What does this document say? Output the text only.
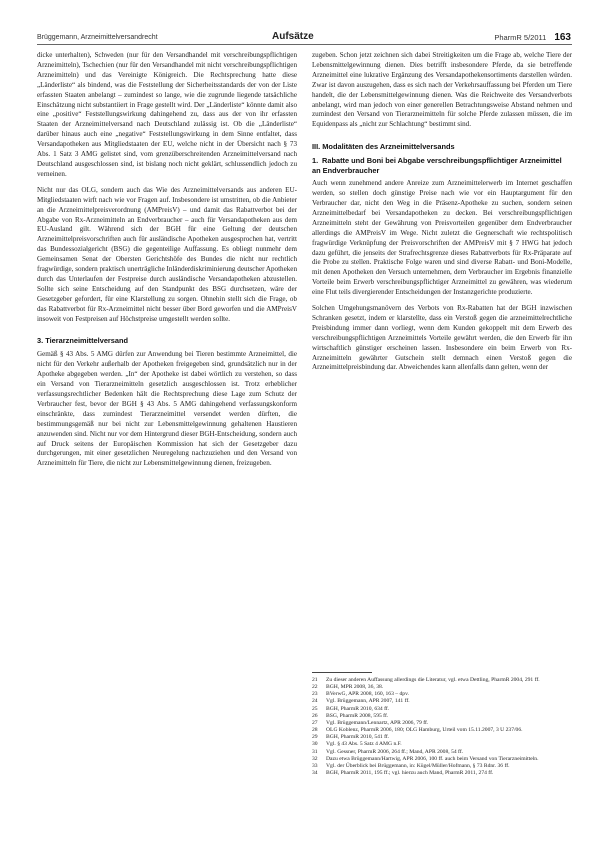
Brüggemann, Arzneimittelversandrecht	Aufsätze	PharmR 5/2011 163

dicke unterhalten), Schweden (nur für den Versandhandel mit verschreibungspflichtigen Arzneimitteln), Tschechien (nur für den Versandhandel mit nicht verschreibungspflichtigen Arzneimitteln) und das Vereinigte Königreich. Die Rechtsprechung hatte diese „Länderliste“ als bindend, was die Feststellung der Sicherheitsstandards der von der Liste erfassten Staaten anbelangt – zumindest so lange, wie die zugrunde liegende tatsächliche Einschätzung nicht substantiiert in Frage gestellt wird. Der „Länderliste“ könnte damit also eine „positive“ Feststellungswirkung dahingehend zu, dass aus der von ihr erfassten Staaten der Arzneimittelversand nach Deutschland zulässig ist. Ob die „Länderliste“ darüber hinaus auch eine „negative“ Feststellungswirkung in dem Sinne entfaltet, dass Versandapotheken aus Mitgliedstaaten der EU, welche nicht in der Übersicht nach § 73 Abs. 1 Satz 3 AMG gelistet sind, vom grenzüberschreitenden Arzneimittelversand nach Deutschland ausgeschlossen sind, ist bislang noch nicht geklärt, schlussendlich jedoch zu verneinen.

Nicht nur das OLG, sondern auch das Wie des Arzneimittelversands aus anderen EU-Mitgliedstaaten wirft nach wie vor Fragen auf. Insbesondere ist umstritten, ob die Anbieter an die Arzneimittelpreisverordnung (AMPreisV) – und damit das Rabattverbot bei der Abgabe von Rx-Arzneimitteln an Endverbraucher – auch für Versandapotheken aus dem EU-Ausland gilt. Während sich der BGH für eine Geltung der deutschen Arzneimittelpreisvorschriften auch für ausländische Apotheken ausgesprochen hat, vertritt das Bundessozialgericht (BSG) die gegenteilige Auffassung. Es obliegt nunmehr dem Gemeinsamen Senat der Obersten Gerichtshöfe des Bundes die nicht nur rechtlich fragwürdige, sondern praktisch unerträgliche Inländerdiskriminierung deutscher Apotheken durch das Unterlaufen der Festpreise durch ausländische Versandapotheken abzustellen. Sollte sich seine Entscheidung auf den Standpunkt des BSG durchsetzen, wäre der Gesetzgeber gefordert, für eine Klarstellung zu sorgen. Ohnehin stellt sich die Frage, ob das Rabattverbot für Rx-Arzneimittel nicht besser über Bord geworfen und die AMPreisV insoweit von Festpreisen auf Höchstpreise umgestellt werden sollte.

3. Tierarzneimittelversand

Gemäß § 43 Abs. 5 AMG dürfen zur Anwendung bei Tieren bestimmte Arzneimittel, die nicht für den Verkehr außerhalb der Apotheken freigegeben sind, grundsätzlich nur in der Apotheke abgegeben werden. „In“ der Apotheke ist dabei wörtlich zu verstehen, so dass ein Versand von Tierarzneimitteln gesetzlich ausgeschlossen ist. Trotz erheblicher verfassungsrechtlicher Bedenken hält die Rechtsprechung diese Lage zum Schutz der Verbraucher fest, bevor der BGH § 43 Abs. 5 AMG dahingehend verfassungskonform einschränkte, dass zumindest Tierarzneimittel versendet werden dürften, die bestimmungsgemäß nur bei nicht zur Lebensmittelgewinnung gehaltenen Haustieren anzuwenden sind. Nicht nur vor dem Hintergrund dieser BGH-Entscheidung, sondern auch auf Druck seitens der Europäischen Kommission hat sich der Gesetzgeber dazu durchgerungen, mit einer gesetzlichen Neuregelung nachzuziehen und den Versand von Arzneimitteln für Tiere, die nicht zur Lebensmittelgewinnung dienen, freizugeben.

zugeben. Schon jetzt zeichnen sich dabei Streitigkeiten um die Frage ab, welche Tiere der Lebensmittelgewinnung dienen. Dies betrifft insbesondere Pferde, da sie betreffende Arzneimittel eine lukrative Ergänzung des Versandapothekensortiments darstellen würden. Zwar ist davon auszugehen, dass es sich nach der Verkehrsauffassung bei Pferden um Tiere handelt, die der Lebensmittelgewinnung dienen. Was die Reichweite des Versandverbots anbelangt, wird man jedoch von einer generellen Betrachtungsweise Abstand nehmen und zumindest den Versand von Tierarzneimitteln für solche Pferde zulassen müssen, die im Equidenpass als „nicht zur Schlachtung“ bestimmt sind.

III. Modalitäten des Arzneimittelversands
1. Rabatte und Boni bei Abgabe verschreibungspflichtiger Arzneimittel an Endverbraucher

Auch wenn zunehmend andere Anreize zum Arzneimittelerwerb im Internet geschaffen werden, so stellen doch günstige Preise nach wie vor ein Hauptargument für den Verbraucher dar, nicht den Weg in die Präsenz-Apotheke zu suchen, sondern seinen Arzneimittelbedarf bei Versandapotheken zu decken. Bei verschreibungspflichtigen Arzneimitteln steht der Gewährung von Preisvorteilen gegenüber dem Endverbraucher allerdings die AMPreisV im Wege. Nicht zuletzt die Gegnerschaft wie rechtspolitisch fragwürdige Verknüpfung der Preisvorschriften der AMPreisV mit § 7 HWG hat jedoch dazu geführt, die jenseits der Strafrechtsgrenze dieses Rabattverbots für Rx-Präparate auf die Probe zu stellen. Praktische Folge waren und sind diverse Rabatt- und Boni-Modelle, mit denen Apotheken den Versuch unternehmen, dem Verbraucher im Ergebnis finanzielle Vorteile beim Erwerb verschreibungspflichtiger Arzneimittel zu gewähren, was wiederum eine Flut teils divergierender Entscheidungen der Instanzgerichte produzierte.

Solchen Umgehungsmanövern des Verbots von Rx-Rabatten hat der BGH inzwischen Schranken gesetzt, indem er klarstellte, dass ein Verstoß gegen die arzneimittelrechtliche Preisbindung immer dann vorliegt, wenn dem Kunden gekoppelt mit dem Erwerb des verschreibungspflichtigen Arzneimittels Vorteile gewährt werden, die den Erwerb für ihn wirtschaftlich günstiger erscheinen lassen. Insbesondere ein beim Erwerb von Rx-Arzneimitteln gewährter Gutschein stellt demnach einen Verstoß gegen die Arzneimittelpreisbindung dar. Abweichendes kann allenfalls dann gelten, wenn der

21	Zu dieser anderen Auffassung allerdings die Literatur, vgl. etwa Dettling, PharmR 2004, 291 ff.
22	BGH, MPR 2008, 36, 38.
23	BVerwG, APR 2008, 160, 163 – dpv.
24	Vgl. Brüggemann, APR 2007, 141 ff.
25	BGH, PharmR 2010, 634 ff.
26	BSG, PharmR 2008, 595 ff.
27	Vgl. Brüggemann/Lennartz, APR 2006, 79 ff.
28	OLG Koblenz, PharmR 2006, 180; OLG Hamburg, Urteil vom 15.11.2007, 3 U 237/06.
29	BGH, PharmR 2010, 541 ff.
30	Vgl. § 43 Abs. 5 Satz 4 AMG n.F.
31	Vgl. Gessner, PharmR 2006, 264 ff.; Mand, APR 2008, 54 ff.
32	Dazu etwa Brüggemann/Hartwig, APR 2006, 100 ff. auch beim Versand von Tierarzneimitteln.
33	Vgl. der Überblick bei Brüggemann, in: Kügel/Müller/Hofmann, § 73 Rdnr. 36 ff.
34	BGH, PharmR 2011, 195 ff.; vgl. hierzu auch Mand, PharmR 2011, 274 ff.
